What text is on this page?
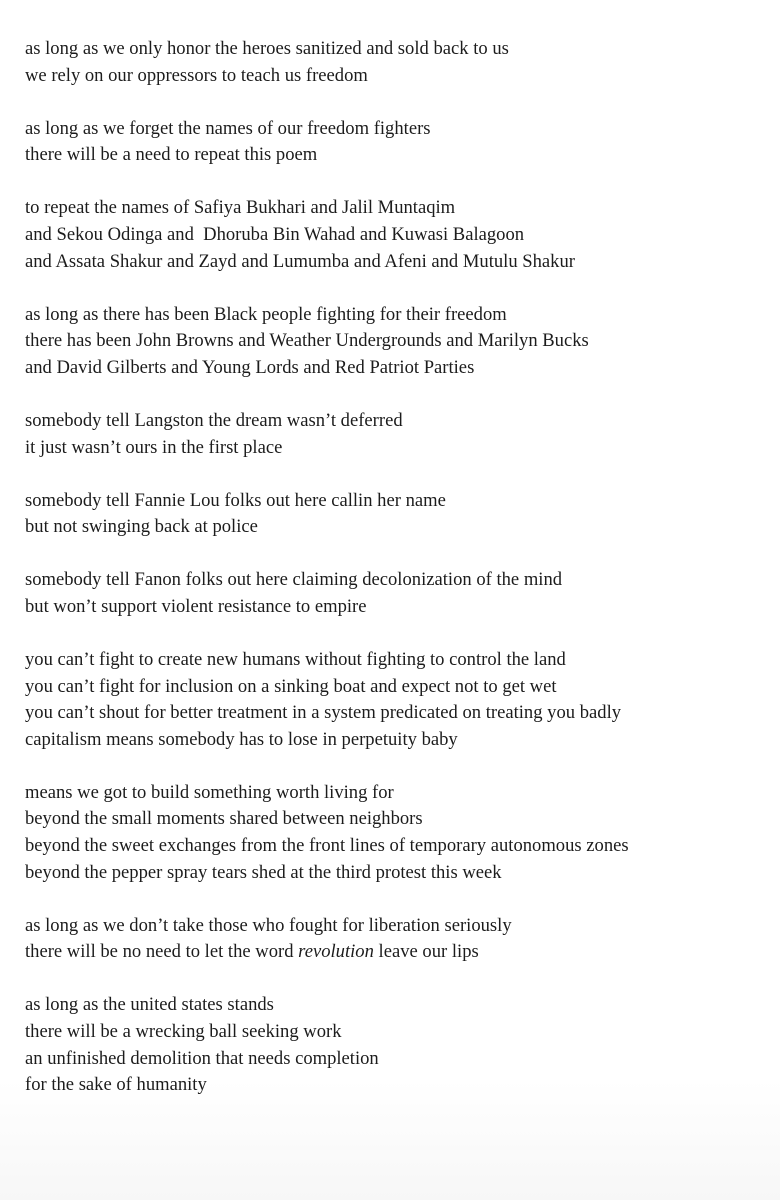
as long as we only honor the heroes sanitized and sold back to us
we rely on our oppressors to teach us freedom
as long as we forget the names of our freedom fighters
there will be a need to repeat this poem
to repeat the names of Safiya Bukhari and Jalil Muntaqim
and Sekou Odinga and  Dhoruba Bin Wahad and Kuwasi Balagoon
and Assata Shakur and Zayd and Lumumba and Afeni and Mutulu Shakur
as long as there has been Black people fighting for their freedom
there has been John Browns and Weather Undergrounds and Marilyn Bucks
and David Gilberts and Young Lords and Red Patriot Parties
somebody tell Langston the dream wasn’t deferred
it just wasn’t ours in the first place
somebody tell Fannie Lou folks out here callin her name
but not swinging back at police
somebody tell Fanon folks out here claiming decolonization of the mind
but won’t support violent resistance to empire
you can’t fight to create new humans without fighting to control the land
you can’t fight for inclusion on a sinking boat and expect not to get wet
you can’t shout for better treatment in a system predicated on treating you badly
capitalism means somebody has to lose in perpetuity baby
means we got to build something worth living for
beyond the small moments shared between neighbors
beyond the sweet exchanges from the front lines of temporary autonomous zones
beyond the pepper spray tears shed at the third protest this week
as long as we don’t take those who fought for liberation seriously
there will be no need to let the word revolution leave our lips
as long as the united states stands
there will be a wrecking ball seeking work
an unfinished demolition that needs completion
for the sake of humanity
